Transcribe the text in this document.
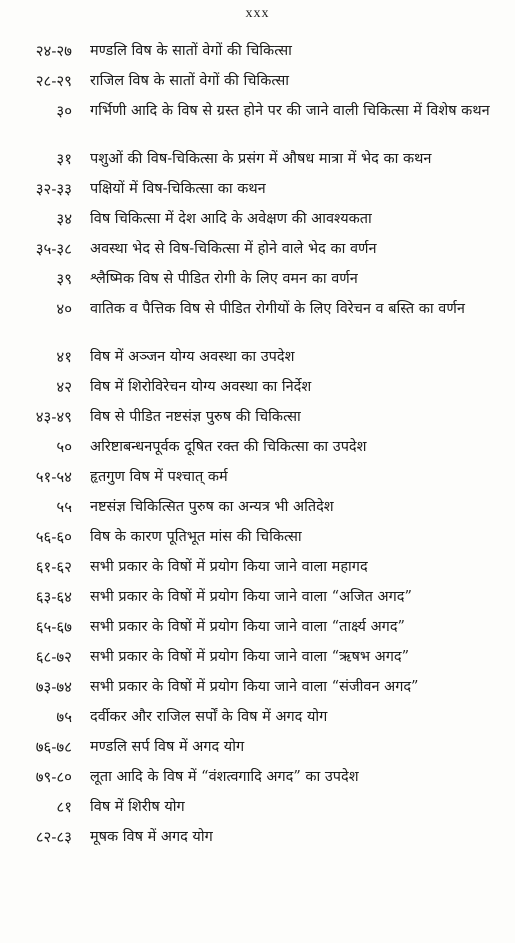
xxx
२४-२७ मण्डलि विष के सातों वेगों की चिकित्सा
२८-२९ राजिल विष के सातों वेगों की चिकित्सा
३० गर्भिणी आदि के विष से ग्रस्त होने पर की जाने वाली चिकित्सा में विशेष कथन
३१ पशुओं की विष-चिकित्सा के प्रसंग में औषध मात्रा में भेद का कथन
३२-३३ पक्षियों में विष-चिकित्सा का कथन
३४ विष चिकित्सा में देश आदि के अवेक्षण की आवश्यकता
३५-३८ अवस्था भेद से विष-चिकित्सा में होने वाले भेद का वर्णन
३९ श्लैष्मिक विष से पीडित रोगी के लिए वमन का वर्णन
४० वातिक व पैत्तिक विष से पीडित रोगीयों के लिए विरेचन व बस्ति का वर्णन
४१ विष में अञ्जन योग्य अवस्था का उपदेश
४२ विष में शिरोविरेचन योग्य अवस्था का निर्देश
४३-४९ विष से पीडित नष्टसंज्ञ पुरुष की चिकित्सा
५० अरिष्टाबन्धनपूर्वक दूषित रक्त की चिकित्सा का उपदेश
५१-५४ हृतगुण विष में पश्चात् कर्म
५५ नष्टसंज्ञ चिकित्सित पुरुष का अन्यत्र भी अतिदेश
५६-६० विष के कारण पूतिभूत मांस की चिकित्सा
६१-६२ सभी प्रकार के विषों में प्रयोग किया जाने वाला महागद
६३-६४ सभी प्रकार के विषों में प्रयोग किया जाने वाला “अजित अगद”
६५-६७ सभी प्रकार के विषों में प्रयोग किया जाने वाला “तार्क्ष्य अगद”
६८-७२ सभी प्रकार के विषों में प्रयोग किया जाने वाला “ऋषभ अगद”
७३-७४ सभी प्रकार के विषों में प्रयोग किया जाने वाला “संजीवन अगद”
७५ दर्वीकर और राजिल सर्पों के विष में अगद योग
७६-७८ मण्डलि सर्प विष में अगद योग
७९-८० लूता आदि के विष में “वंशत्वगादि अगद” का उपदेश
८१ विष में शिरीष योग
८२-८३ मूषक विष में अगद योग
